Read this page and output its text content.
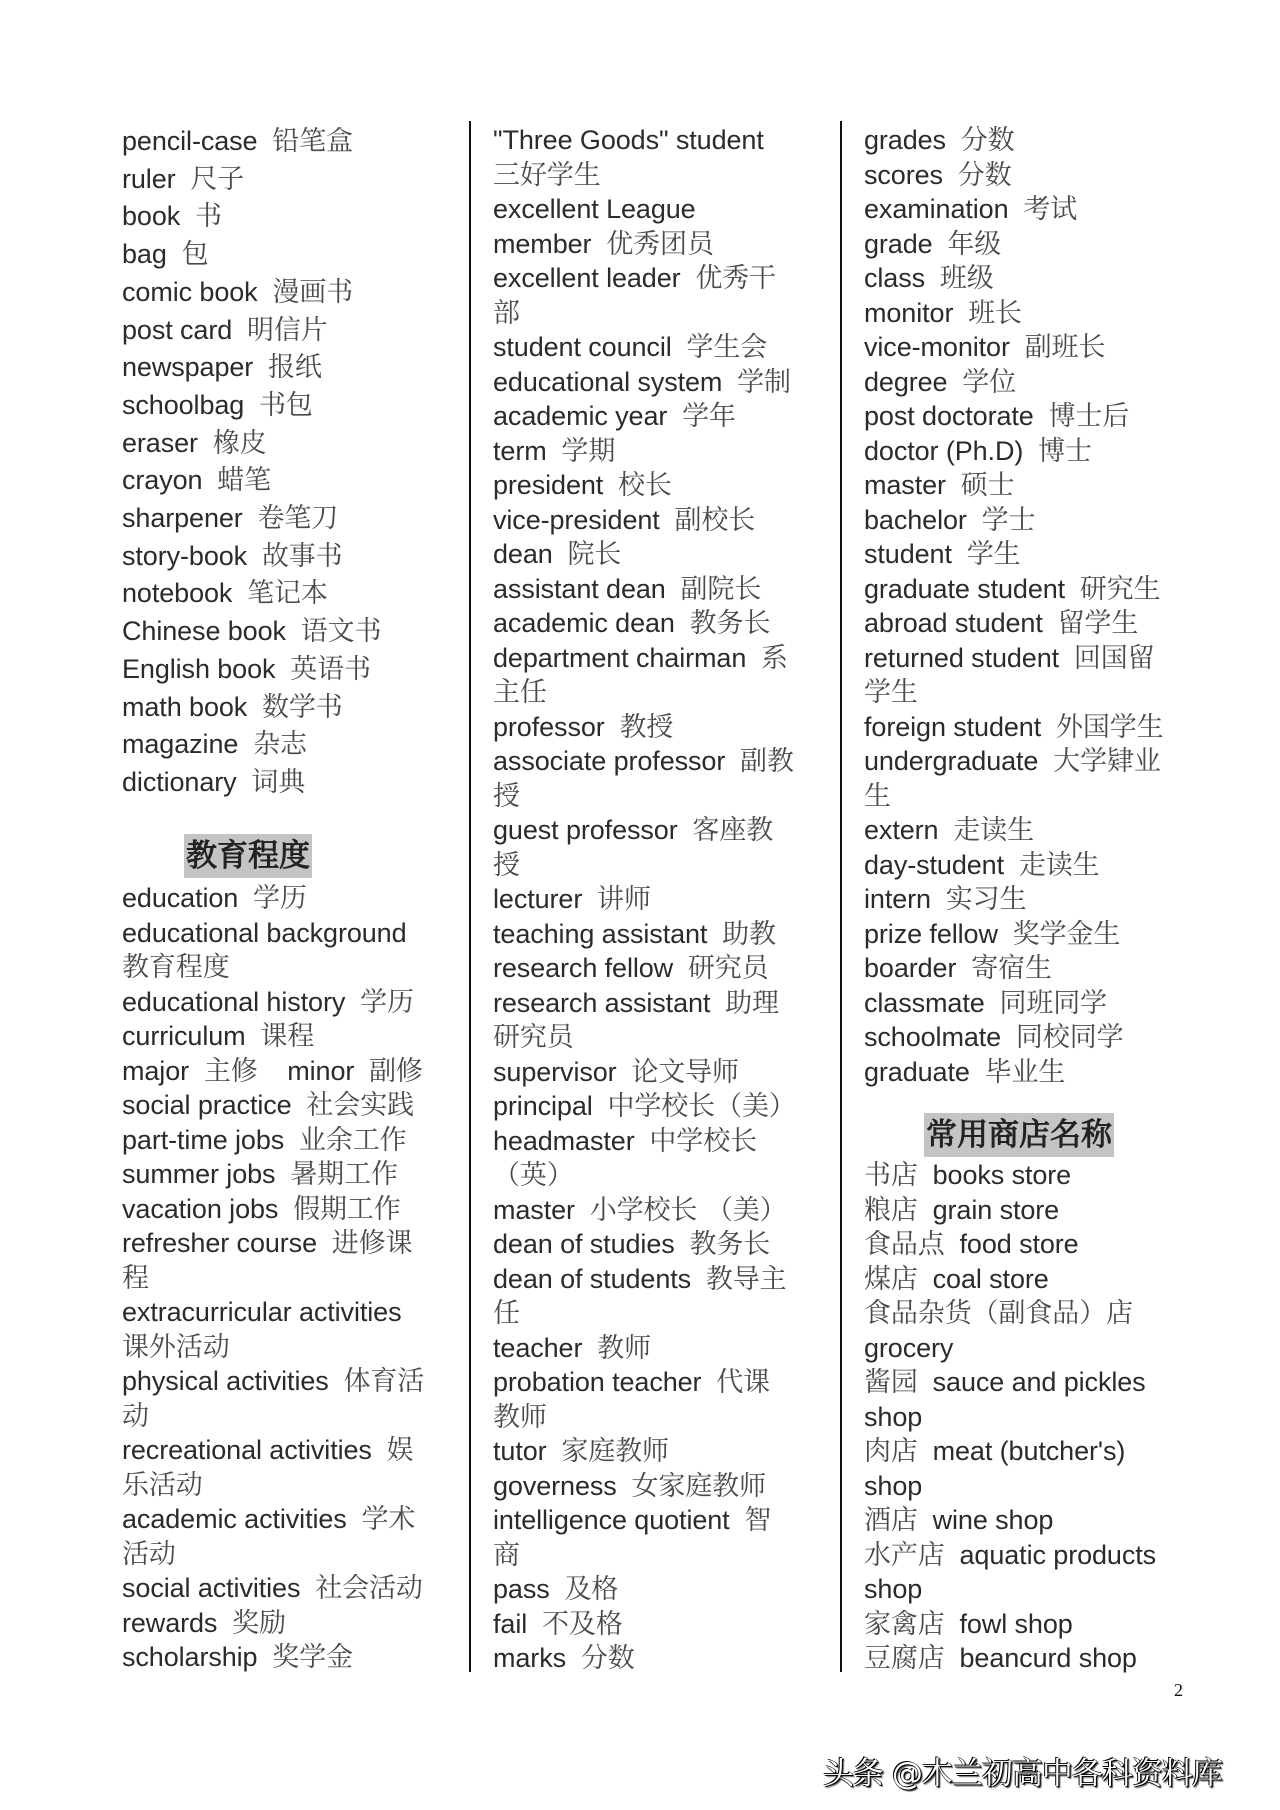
pencil-case 铅笔盒
ruler 尺子
book 书
bag 包
comic book 漫画书
post card 明信片
newspaper 报纸
schoolbag 书包
eraser 橡皮
crayon 蜡笔
sharpener 卷笔刀
story-book 故事书
notebook 笔记本
Chinese book 语文书
English book 英语书
math book 数学书
magazine 杂志
dictionary 词典
教育程度
education 学历
educational background
教育程度
educational history 学历
curriculum 课程
major 主修 minor 副修
social practice 社会实践
part-time jobs 业余工作
summer jobs 暑期工作
vacation jobs 假期工作
refresher course 进修课
程
extracurricular activities
课外活动
physical activities 体育活
动
recreational activities 娱
乐活动
academic activities 学术
活动
social activities 社会活动
rewards 奖励
scholarship 奖学金
"Three Goods" student
三好学生
excellent League
member 优秀团员
excellent leader 优秀干
部
student council 学生会
educational system 学制
academic year 学年
term 学期
president 校长
vice-president 副校长
dean 院长
assistant dean 副院长
academic dean 教务长
department chairman 系
主任
professor 教授
associate professor 副教
授
guest professor 客座教
授
lecturer 讲师
teaching assistant 助教
research fellow 研究员
research assistant 助理
研究员
supervisor 论文导师
principal 中学校长（美）
headmaster 中学校长
（英）
master 小学校长 （美）
dean of studies 教务长
dean of students 教导主
任
teacher 教师
probation teacher 代课
教师
tutor 家庭教师
governess 女家庭教师
intelligence quotient 智
商
pass 及格
fail 不及格
marks 分数
grades 分数
scores 分数
examination 考试
grade 年级
class 班级
monitor 班长
vice-monitor 副班长
degree 学位
post doctorate 博士后
doctor (Ph.D) 博士
master 硕士
bachelor 学士
student 学生
graduate student 研究生
abroad student 留学生
returned student 回国留
学生
foreign student 外国学生
undergraduate 大学肄业
生
extern 走读生
day-student 走读生
intern 实习生
prize fellow 奖学金生
boarder 寄宿生
classmate 同班同学
schoolmate 同校同学
graduate 毕业生
常用商店名称
书店 books store
粮店 grain store
食品点 food store
煤店 coal store
食品杂货（副食品）店
grocery
酱园 sauce and pickles
shop
肉店 meat (butcher's)
shop
酒店 wine shop
水产店 aquatic products
shop
家禽店 fowl shop
豆腐店 beancurd shop
2
头条 @木兰初高中各科资料库
